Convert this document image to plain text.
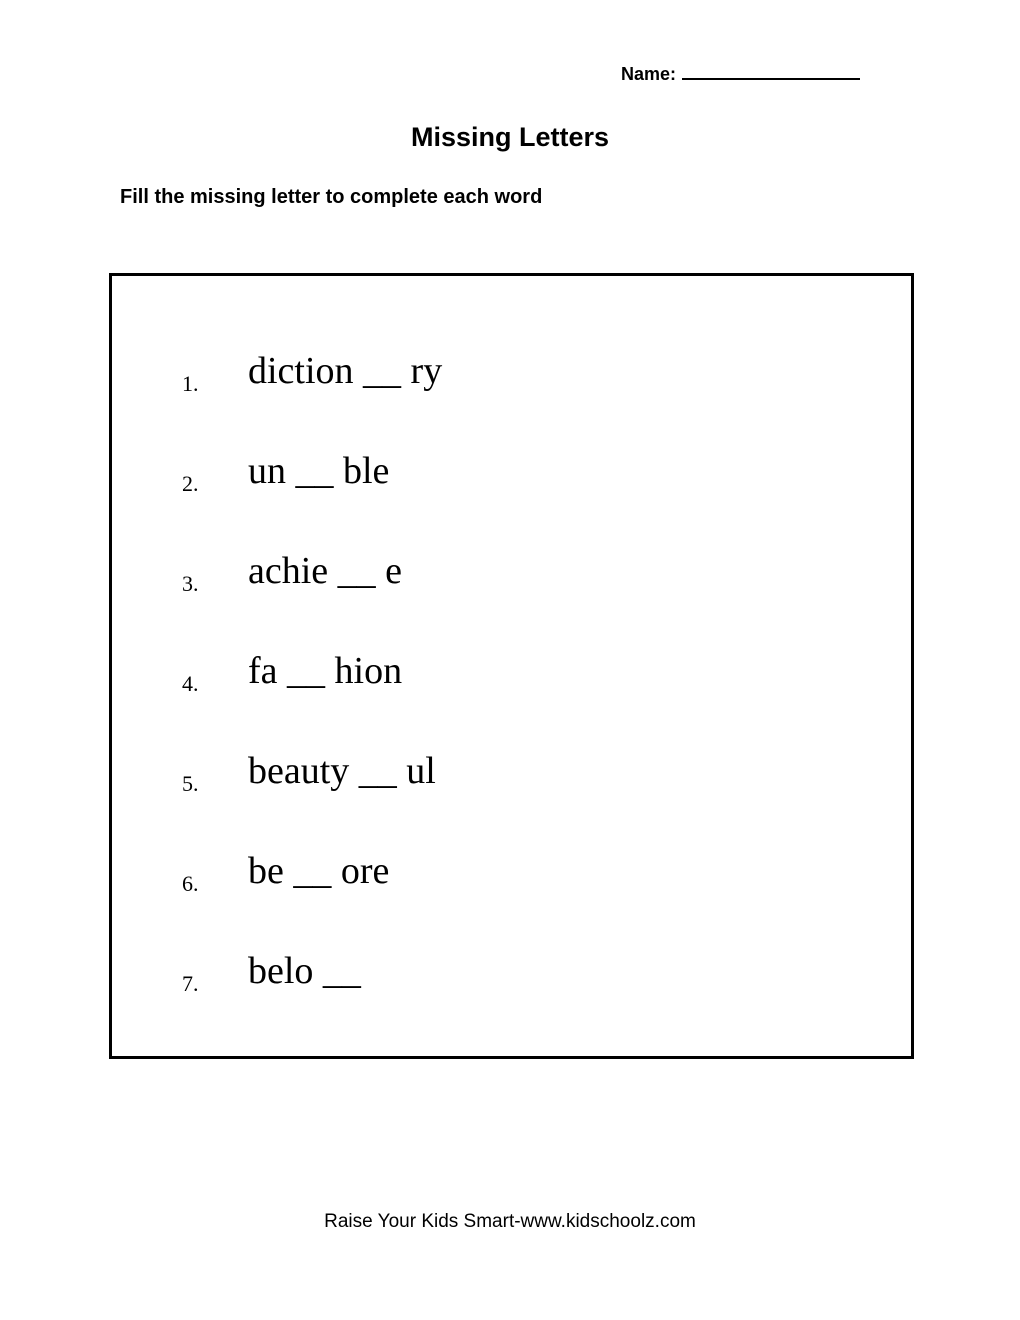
Name:
Missing Letters
Fill the missing letter to complete each word
1. diction __ ry
2. un __ ble
3. achie __ e
4. fa __ hion
5. beauty __ ul
6. be __ ore
7. belo __
Raise Your Kids Smart-www.kidschoolz.com
